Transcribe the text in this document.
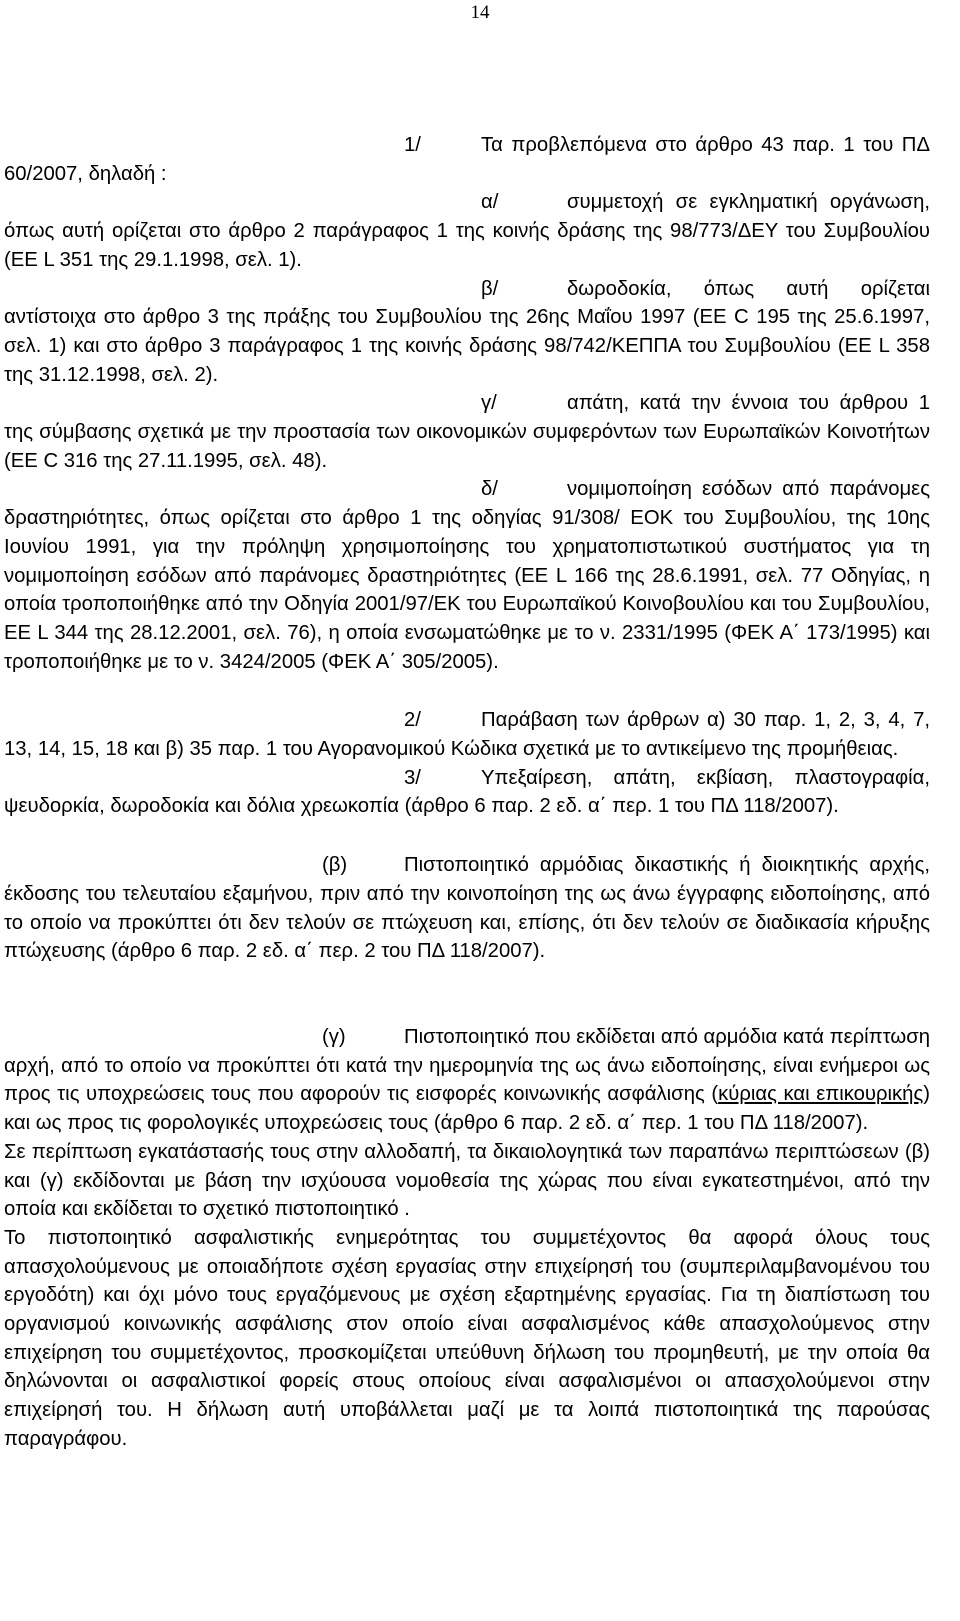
14

1/	Τα προβλεπόμενα στο άρθρο 43 παρ. 1 του ΠΔ 60/2007, δηλαδή :

α/	συμμετοχή σε εγκληματική οργάνωση, όπως αυτή ορίζεται στο άρθρο 2 παράγραφος 1 της κοινής δράσης της 98/773/ΔΕΥ του Συμβουλίου (ΕΕ L 351 της 29.1.1998, σελ. 1).

β/	δωροδοκία, όπως αυτή ορίζεται αντίστοιχα στο άρθρο 3 της πράξης του Συμβουλίου της 26ης Μαΐου 1997 (ΕΕ C 195 της 25.6.1997, σελ. 1) και στο άρθρο 3 παράγραφος 1 της κοινής δράσης 98/742/ΚΕΠΠΑ του Συμβουλίου (ΕΕ L 358 της 31.12.1998, σελ. 2).

γ/	απάτη, κατά την έννοια του άρθρου 1 της σύμβασης σχετικά με την προστασία των οικονομικών συμφερόντων των Ευρωπαϊκών Κοινοτήτων (ΕΕ C 316 της 27.11.1995, σελ. 48).

δ/	νομιμοποίηση εσόδων από παράνομες δραστηριότητες, όπως ορίζεται στο άρθρο 1 της οδηγίας 91/308/ ΕΟΚ του Συμβουλίου, της 10ης Ιουνίου 1991, για την πρόληψη χρησιμοποίησης του χρηματοπιστωτικού συστήματος για τη νομιμοποίηση εσόδων από παράνομες δραστηριότητες (ΕΕ L 166 της 28.6.1991, σελ. 77 Οδηγίας, η οποία τροποποιήθηκε από την Οδηγία 2001/97/ΕΚ του Ευρωπαϊκού Κοινοβουλίου και του Συμβουλίου, ΕΕ L 344 της 28.12.2001, σελ. 76), η οποία ενσωματώθηκε με το ν. 2331/1995 (ΦΕΚ Α΄ 173/1995) και τροποποιήθηκε με το ν. 3424/2005 (ΦΕΚ Α΄ 305/2005).

2/	Παράβαση των άρθρων α) 30 παρ. 1, 2, 3, 4, 7, 13, 14, 15, 18 και β) 35 παρ. 1 του Αγορανομικού Κώδικα σχετικά με το αντικείμενο της προμήθειας.

3/	Υπεξαίρεση, απάτη, εκβίαση, πλαστογραφία, ψευδορκία, δωροδοκία και δόλια χρεωκοπία (άρθρο 6 παρ. 2 εδ. α΄ περ. 1 του ΠΔ 118/2007).

(β)	Πιστοποιητικό αρμόδιας δικαστικής ή διοικητικής αρχής, έκδοσης του τελευταίου εξαμήνου, πριν από την κοινοποίηση της ως άνω έγγραφης ειδοποίησης, από το οποίο να προκύπτει ότι δεν τελούν σε πτώχευση και, επίσης, ότι δεν τελούν σε διαδικασία κήρυξης πτώχευσης (άρθρο 6 παρ. 2 εδ. α΄ περ. 2 του ΠΔ 118/2007).

(γ)	Πιστοποιητικό που εκδίδεται από αρμόδια κατά περίπτωση αρχή, από το οποίο να προκύπτει ότι κατά την ημερομηνία της ως άνω ειδοποίησης, είναι ενήμεροι ως προς τις υποχρεώσεις τους που αφορούν τις εισφορές κοινωνικής ασφάλισης (κύριας και επικουρικής) και ως προς τις φορολογικές υποχρεώσεις τους (άρθρο 6 παρ. 2 εδ. α΄ περ. 1 του ΠΔ 118/2007).

Σε περίπτωση εγκατάστασής τους στην αλλοδαπή, τα δικαιολογητικά των παραπάνω περιπτώσεων (β) και (γ) εκδίδονται με βάση την ισχύουσα νομοθεσία της χώρας που είναι εγκατεστημένοι, από την οποία και εκδίδεται το σχετικό πιστοποιητικό .

Το πιστοποιητικό ασφαλιστικής ενημερότητας του συμμετέχοντος θα αφορά όλους τους απασχολούμενους με οποιαδήποτε σχέση εργασίας στην επιχείρησή του (συμπεριλαμβανομένου του εργοδότη) και όχι μόνο τους εργαζόμενους με σχέση εξαρτημένης εργασίας. Για τη διαπίστωση του οργανισμού κοινωνικής ασφάλισης στον οποίο είναι ασφαλισμένος κάθε απασχολούμενος στην επιχείρηση του συμμετέχοντος, προσκομίζεται υπεύθυνη δήλωση του προμηθευτή, με την οποία θα δηλώνονται οι ασφαλιστικοί φορείς στους οποίους είναι ασφαλισμένοι οι απασχολούμενοι στην επιχείρησή του. Η δήλωση αυτή υποβάλλεται μαζί με τα λοιπά πιστοποιητικά της παρούσας παραγράφου.
